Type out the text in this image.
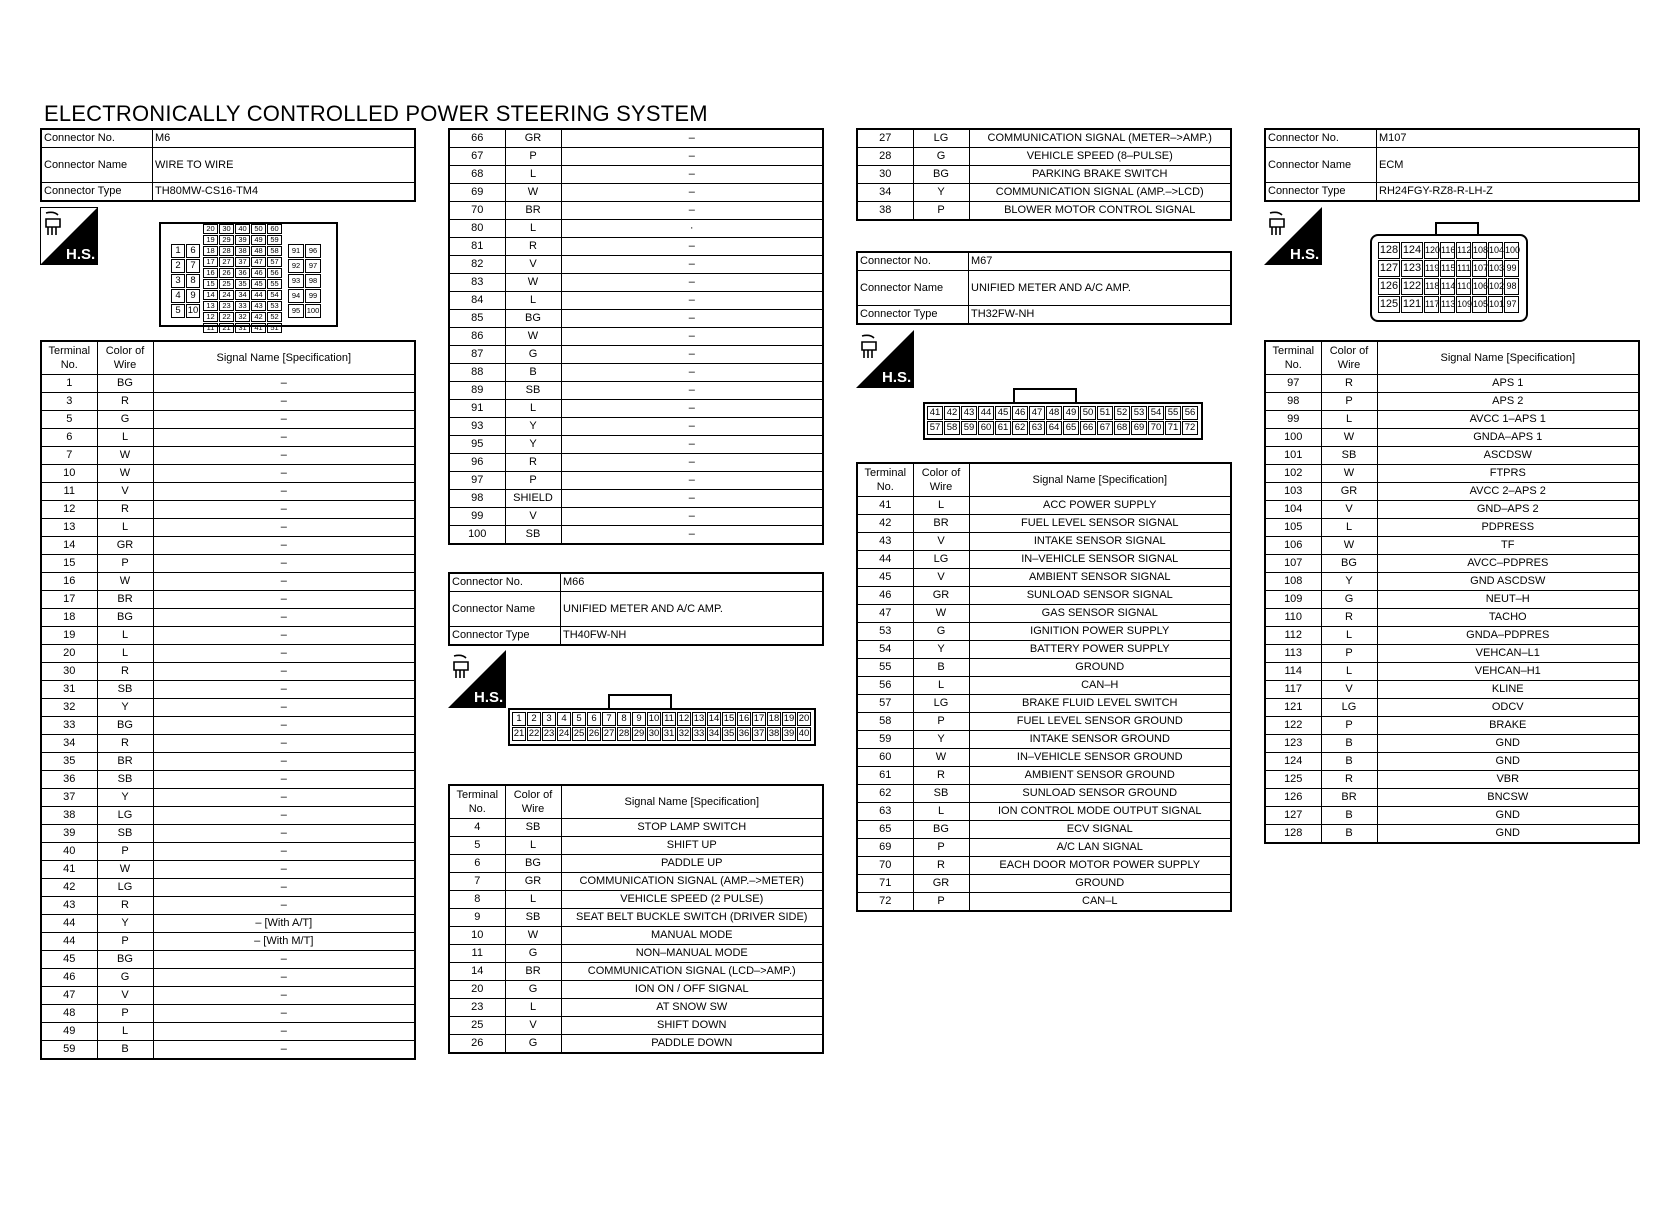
ELECTRONICALLY CONTROLLED POWER STEERING SYSTEM
Connector No.	M6
Connector Name	WIRE TO WIRE
Connector Type	TH80MW-CS16-TM4
H.S.	1	6
2	7
3	8
4	9
5 10
20	30	40	50	60
19	29	39	49	59
18	28	38	48	58
17	27	37	47	57
16	26	36	46	56
15	25	35	45	55
14	24	34	44	54
13	23	33	43	53
12	22	32	42	52
11	21	31	41	51
91	96
92	97
93	98
94	99
95 100
Terminal No.	Color of Wire	Signal Name [Specification]
1	BG	–
3	R	–
5	G	–
6	L	–
7	W	–
10	W	–
11	V	–
12	R	–
13	L	–
14	GR	–
15	P	–
16	W	–
17	BR	–
18	BG	–
19	L	–
20	L	–
30	R	–
31	SB	–
32	Y	–
33	BG	–
34	R	–
35	BR	–
36	SB	–
37	Y	–
38	LG	–
39	SB	–
40	P	–
41	W	–
42	LG	–
43	R	–
44	Y	– [With A/T]
44	P	– [With M/T]
45	BG	–
46	G	–
47	V	–
48	P	–
49	L	–
59	B	–
66	GR	–
67	P	–
68	L	–
69	W	–
70	BR	–
80	L	·
81	R	–
82	V	–
83	W	–
84	L	–
85	BG	–
86	W	–
87	G	–
88	B	–
89	SB	–
91	L	–
93	Y	–
95	Y	–
96	R	–
97	P	–
98	SHIELD	–
99	V	–
100	SB	–
Connector No.	M66
Connector Name	UNIFIED METER AND A/C AMP.
Connector Type	TH40FW-NH
H.S.
1	2	3	4	5	6	7	8	9 10 11 12 13 14 15 16 17 18 19 20
21 22 23 24 25 26 27 28 29 30 31 32 33 34 35 36 37 38 39 40
Terminal No.	Color of Wire	Signal Name [Specification]
4	SB	STOP LAMP SWITCH
5	L	SHIFT UP
6	BG	PADDLE UP
7	GR	COMMUNICATION SIGNAL (AMP.–>METER)
8	L	VEHICLE SPEED (2 PULSE)
9	SB	SEAT BELT BUCKLE SWITCH (DRIVER SIDE)
10	W	MANUAL MODE
11	G	NON–MANUAL MODE
14	BR	COMMUNICATION SIGNAL (LCD–>AMP.)
20	G	ION ON / OFF SIGNAL
23	L	AT SNOW SW
25	V	SHIFT DOWN
26	G	PADDLE DOWN
27	LG	COMMUNICATION SIGNAL (METER–>AMP.)
28	G	VEHICLE SPEED (8–PULSE)
30	BG	PARKING BRAKE SWITCH
34	Y	COMMUNICATION SIGNAL (AMP.–>LCD)
38	P	BLOWER MOTOR CONTROL SIGNAL
Connector No.	M67
Connector Name	UNIFIED METER AND A/C AMP.
Connector Type	TH32FW-NH
H.S.
41 42 43 44 45 46 47 48 49 50 51 52 53 54 55 56
57 58 59 60 61 62 63 64 65 66 67 68 69 70 71 72
Terminal No.	Color of Wire	Signal Name [Specification]
41	L	ACC POWER SUPPLY
42	BR	FUEL LEVEL SENSOR SIGNAL
43	V	INTAKE SENSOR SIGNAL
44	LG	IN–VEHICLE SENSOR SIGNAL
45	V	AMBIENT SENSOR SIGNAL
46	GR	SUNLOAD SENSOR SIGNAL
47	W	GAS SENSOR SIGNAL
53	G	IGNITION POWER SUPPLY
54	Y	BATTERY POWER SUPPLY
55	B	GROUND
56	L	CAN–H
57	LG	BRAKE FLUID LEVEL SWITCH
58	P	FUEL LEVEL SENSOR GROUND
59	Y	INTAKE SENSOR GROUND
60	W	IN–VEHICLE SENSOR GROUND
61	R	AMBIENT SENSOR GROUND
62	SB	SUNLOAD SENSOR GROUND
63	L	ION CONTROL MODE OUTPUT SIGNAL
65	BG	ECV SIGNAL
69	P	A/C LAN SIGNAL
70	R	EACH DOOR MOTOR POWER SUPPLY
71	GR	GROUND
72	P	CAN–L
Connector No.	M107
Connector Name	ECM
Connector Type	RH24FGY-RZ8-R-LH-Z
H.S.	128 124 120 116 112 108 104 100
127 123 119 115 111 107 103 99
126 122 118 114 110 106 102 98
125 121 117 113 109 105 101 97
Terminal No.	Color of Wire	Signal Name [Specification]
97	R	APS 1
98	P	APS 2
99	L	AVCC 1–APS 1
100	W	GNDA–APS 1
101	SB	ASCDSW
102	W	FTPRS
103	GR	AVCC 2–APS 2
104	V	GND–APS 2
105	L	PDPRESS
106	W	TF
107	BG	AVCC–PDPRES
108	Y	GND ASCDSW
109	G	NEUT–H
110	R	TACHO
112	L	GNDA–PDPRES
113	P	VEHCAN–L1
114	L	VEHCAN–H1
117	V	KLINE
121	LG	ODCV
122	P	BRAKE
123	B	GND
124	B	GND
125	R	VBR
126	BR	BNCSW
127	B	GND
128	B	GND
